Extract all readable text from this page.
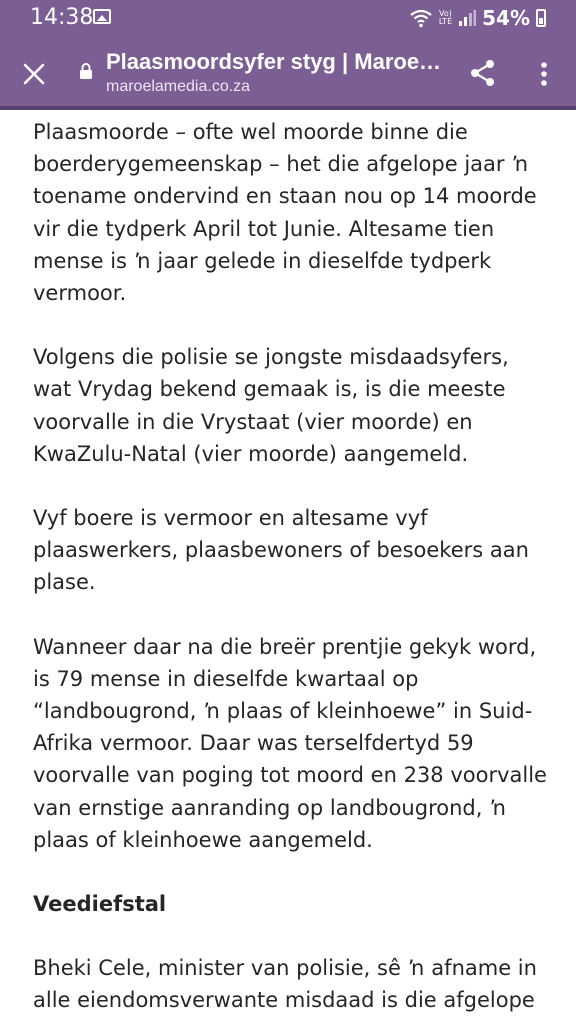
14:38	Vo)
LTE 54%
Plaasmoordsyfer styg | Maroe…
maroelamedia.co.za

Plaasmoorde – ofte wel moorde binne die boerderygemeenskap – het die afgelope jaar ŉ toename ondervind en staan nou op 14 moorde vir die tydperk April tot Junie. Altesame tien mense is ŉ jaar gelede in dieselfde tydperk vermoor.

Volgens die polisie se jongste misdaadsyfers, wat Vrydag bekend gemaak is, is die meeste voorvalle in die Vrystaat (vier moorde) en KwaZulu-Natal (vier moorde) aangemeld.

Vyf boere is vermoor en altesame vyf plaaswerkers, plaasbewoners of besoekers aan plase.

Wanneer daar na die breër prentjie gekyk word, is 79 mense in dieselfde kwartaal op “landbougrond, ŉ plaas of kleinhoewe” in Suid-Afrika vermoor. Daar was terselfdertyd 59 voorvalle van poging tot moord en 238 voorvalle van ernstige aanranding op landbougrond, ŉ plaas of kleinhoewe aangemeld.

Veediefstal

Bheki Cele, minister van polisie, sê ŉ afname in alle eiendomsverwante misdaad is die afgelope
